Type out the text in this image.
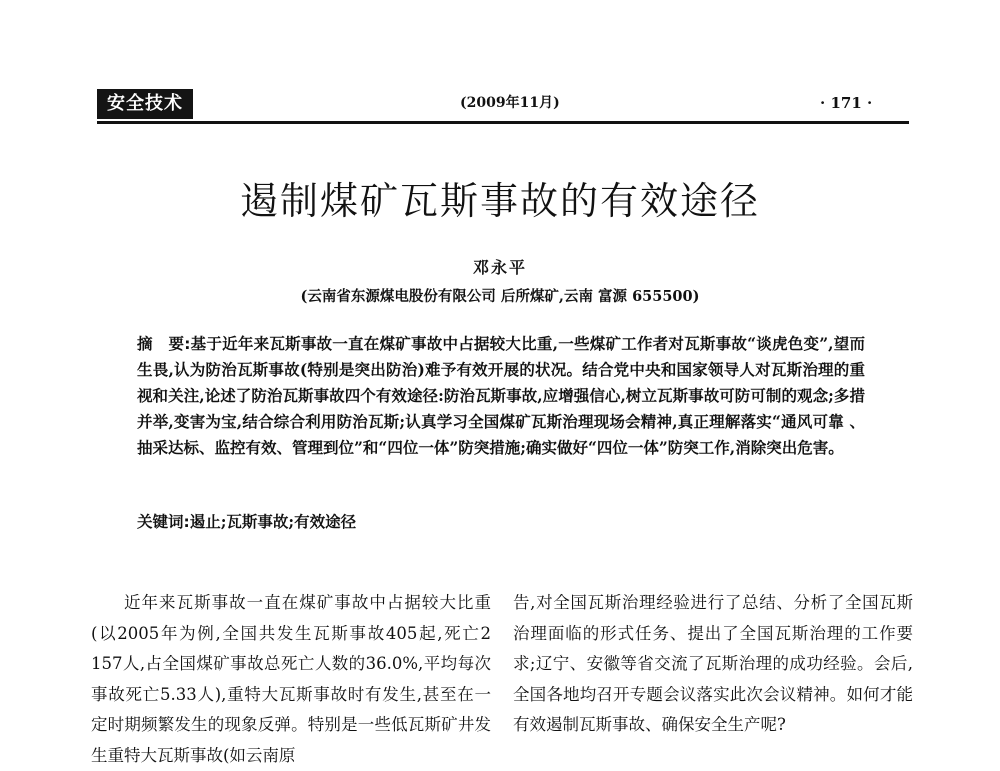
安全技术	(2009年11月)	· 171 ·
遏制煤矿瓦斯事故的有效途径
邓永平
(云南省东源煤电股份有限公司 后所煤矿,云南 富源 655500)
摘　要:基于近年来瓦斯事故一直在煤矿事故中占据较大比重,一些煤矿工作者对瓦斯事故“谈虎色变”,望而生畏,认为防治瓦斯事故(特别是突出防治)难予有效开展的状况。结合党中央和国家领导人对瓦斯治理的重视和关注,论述了防治瓦斯事故四个有效途径:防治瓦斯事故,应增强信心,树立瓦斯事故可防可制的观念;多措并举,变害为宝,结合综合利用防治瓦斯;认真学习全国煤矿瓦斯治理现场会精神,真正理解落实“通风可靠 、抽采达标、监控有效、管理到位”和“四位一体”防突措施;确实做好“四位一体”防突工作,消除突出危害。
关键词:遏止;瓦斯事故;有效途径
近年来瓦斯事故一直在煤矿事故中占据较大比重(以2005年为例,全国共发生瓦斯事故405起,死亡2 157人,占全国煤矿事故总死亡人数的36.0%,平均每次事故死亡5.33人),重特大瓦斯事故时有发生,甚至在一定时期频繁发生的现象反弹。特别是一些低瓦斯矿井发生重特大瓦斯事故(如云南原
告,对全国瓦斯治理经验进行了总结、分析了全国瓦斯治理面临的形式任务、提出了全国瓦斯治理的工作要求;辽宁、安徽等省交流了瓦斯治理的成功经验。会后,全国各地均召开专题会议落实此次会议精神。如何才能有效遏制瓦斯事故、确保安全生产呢?
